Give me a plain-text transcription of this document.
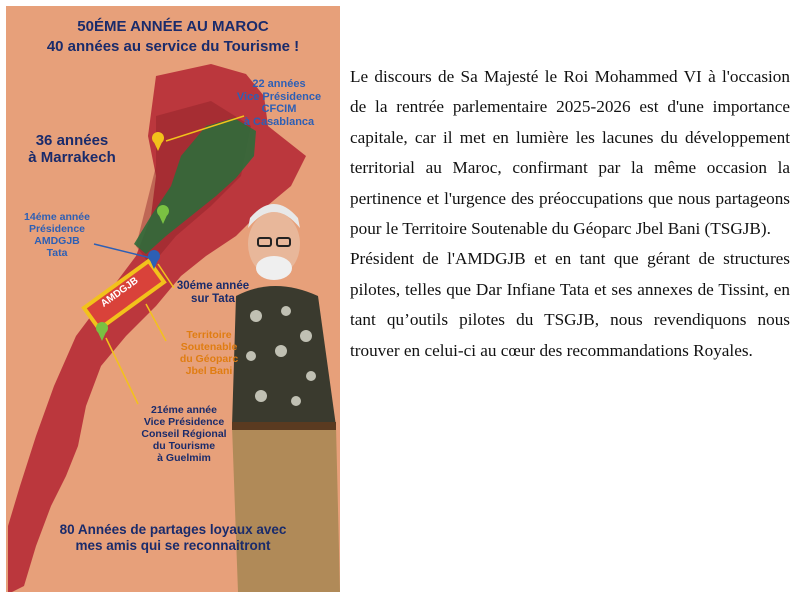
50ÉME ANNÉE AU MAROC
40 années au service du Tourisme !
22 années
Vice Présidence
CFCIM
à Casablanca
36 années
à Marrakech
14éme année
Présidence
AMDGJB
Tata
30éme année
sur Tata
Territoire
Soutenable
du Géoparc
Jbel Bani
21éme année
Vice Présidence
Conseil Régional
du Tourisme
à Guelmim
AMDGJB
80 Années de partages loyaux avec
mes amis qui se reconnaitront

Le discours de Sa Majesté le Roi Mohammed VI à l'occasion de la rentrée parlementaire 2025-2026 est d'une importance capitale, car il met en lumière les lacunes du développement territorial au Maroc, confirmant par la même occasion la pertinence et l'urgence des préoccupations que nous partageons pour le Territoire Soutenable du Géoparc Jbel Bani (TSGJB).

Président de l'AMDGJB et en tant que gérant de structures pilotes, telles que Dar Infiane Tata et ses annexes de Tissint, en tant qu’outils pilotes du TSGJB, nous revendiquons nous trouver en celui-ci au cœur des recommandations Royales.
